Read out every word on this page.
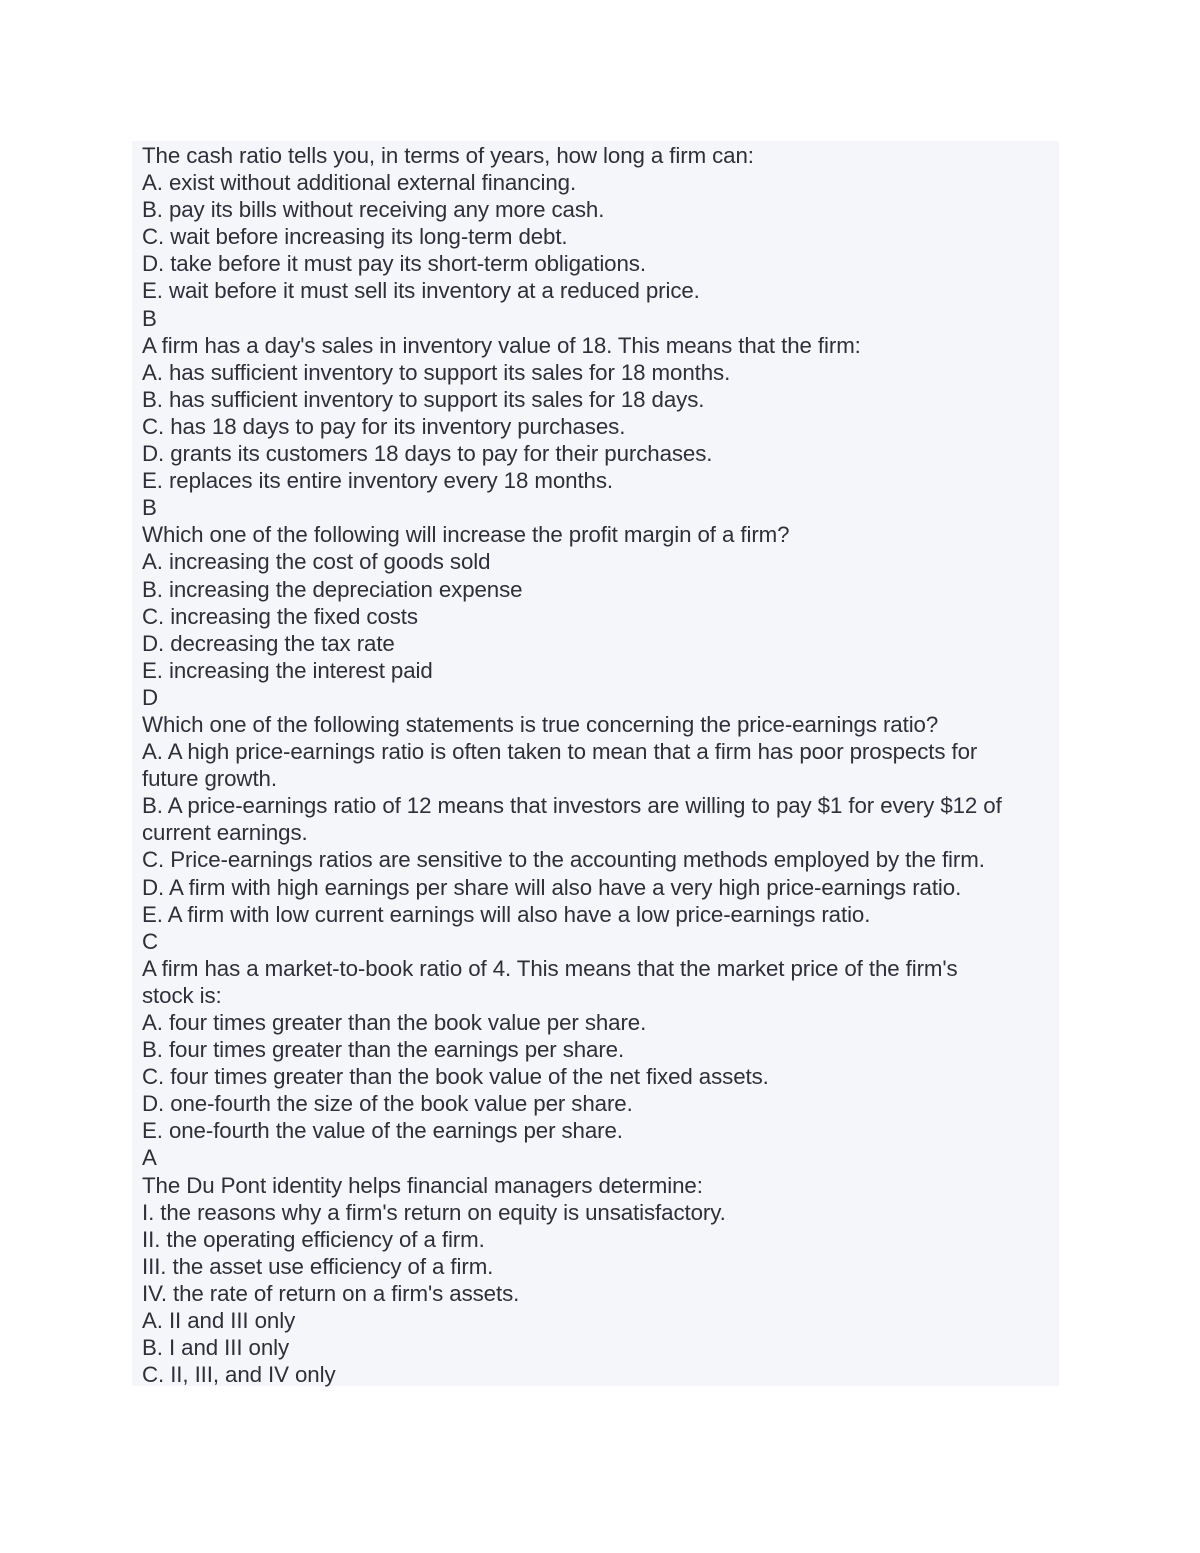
The cash ratio tells you, in terms of years, how long a firm can:
A. exist without additional external financing.
B. pay its bills without receiving any more cash.
C. wait before increasing its long-term debt.
D. take before it must pay its short-term obligations.
E. wait before it must sell its inventory at a reduced price.
B
A firm has a day's sales in inventory value of 18. This means that the firm:
A. has sufficient inventory to support its sales for 18 months.
B. has sufficient inventory to support its sales for 18 days.
C. has 18 days to pay for its inventory purchases.
D. grants its customers 18 days to pay for their purchases.
E. replaces its entire inventory every 18 months.
B
Which one of the following will increase the profit margin of a firm?
A. increasing the cost of goods sold
B. increasing the depreciation expense
C. increasing the fixed costs
D. decreasing the tax rate
E. increasing the interest paid
D
Which one of the following statements is true concerning the price-earnings ratio?
A. A high price-earnings ratio is often taken to mean that a firm has poor prospects for
future growth.
B. A price-earnings ratio of 12 means that investors are willing to pay $1 for every $12 of
current earnings.
C. Price-earnings ratios are sensitive to the accounting methods employed by the firm.
D. A firm with high earnings per share will also have a very high price-earnings ratio.
E. A firm with low current earnings will also have a low price-earnings ratio.
C
A firm has a market-to-book ratio of 4. This means that the market price of the firm's
stock is:
A. four times greater than the book value per share.
B. four times greater than the earnings per share.
C. four times greater than the book value of the net fixed assets.
D. one-fourth the size of the book value per share.
E. one-fourth the value of the earnings per share.
A
The Du Pont identity helps financial managers determine:
I. the reasons why a firm's return on equity is unsatisfactory.
II. the operating efficiency of a firm.
III. the asset use efficiency of a firm.
IV. the rate of return on a firm's assets.
A. II and III only
B. I and III only
C. II, III, and IV only
